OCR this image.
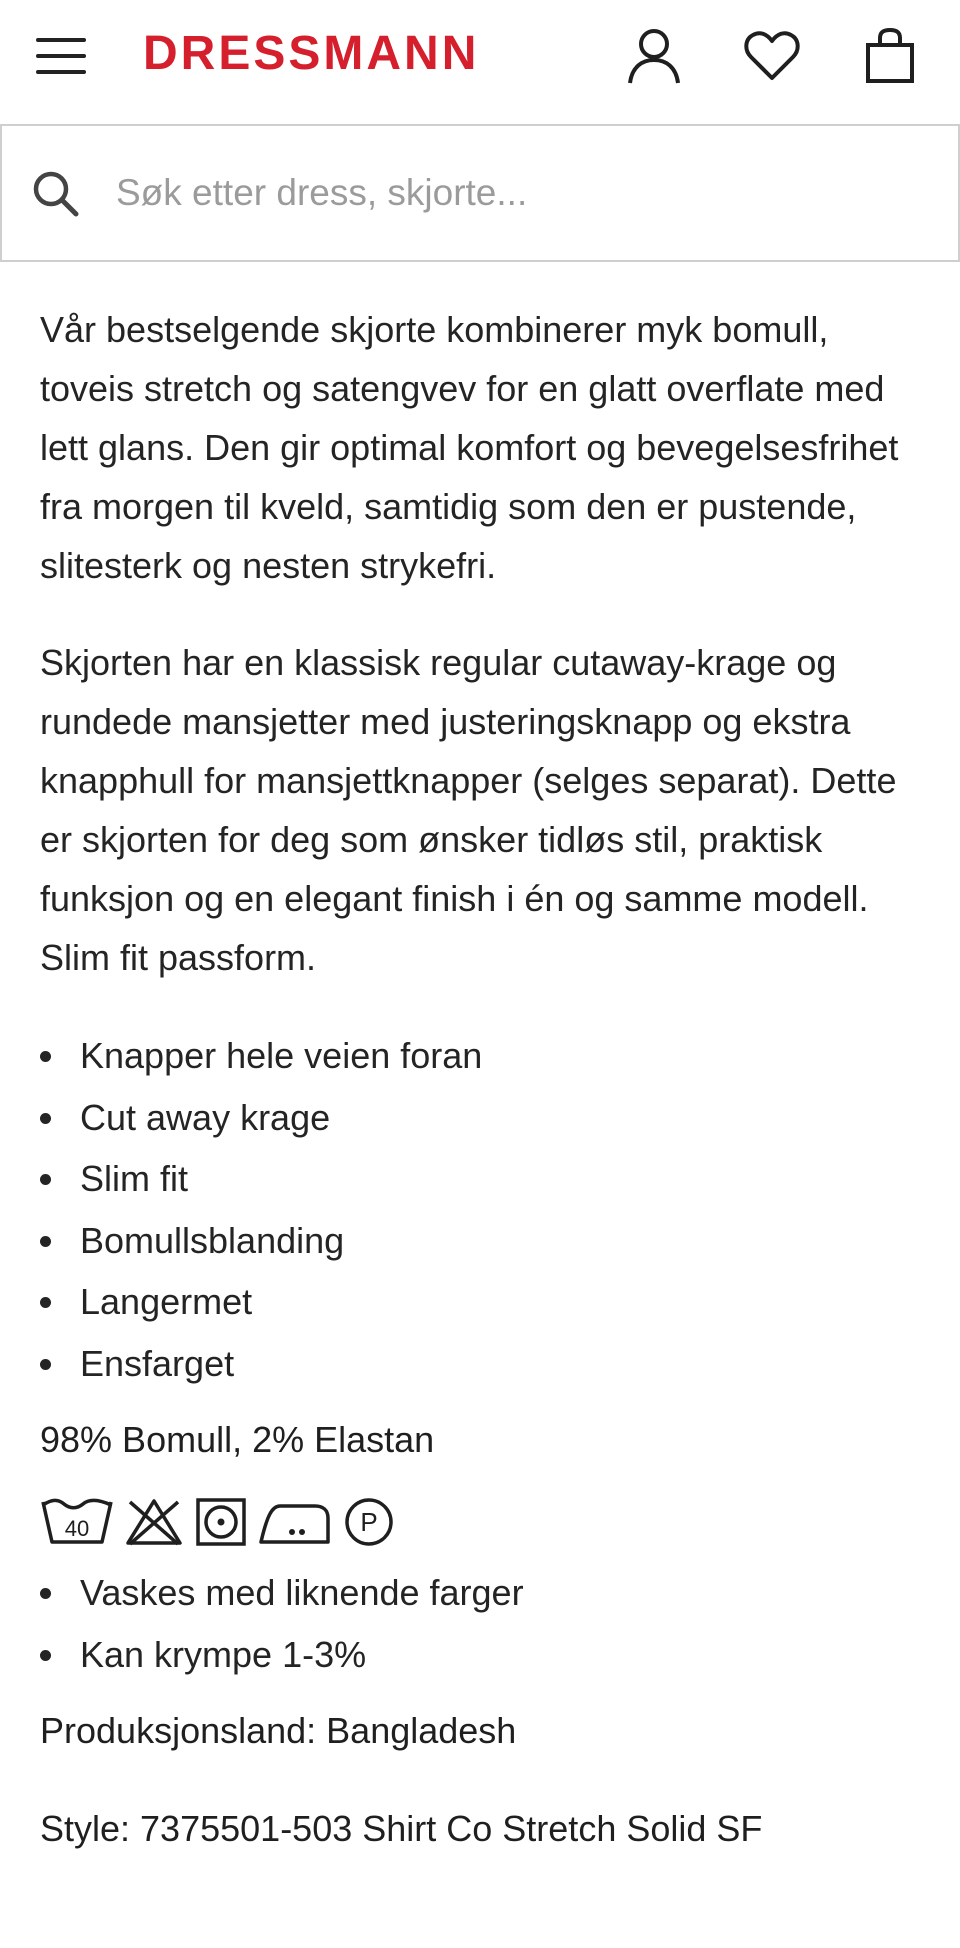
DRESSMANN
Søk etter dress, skjorte...

Vår bestselgende skjorte kombinerer myk bomull, toveis stretch og satengvev for en glatt overflate med lett glans. Den gir optimal komfort og bevegelsesfrihet fra morgen til kveld, samtidig som den er pustende, slitesterk og nesten strykefri.

Skjorten har en klassisk regular cutaway-krage og rundede mansjetter med justeringsknapp og ekstra knapphull for mansjettknapper (selges separat). Dette er skjorten for deg som ønsker tidløs stil, praktisk funksjon og en elegant finish i én og samme modell. Slim fit passform.

Knapper hele veien foran
Cut away krage
Slim fit
Bomullsblanding
Langermet
Ensfarget
98% Bomull, 2% Elastan
40	P
Vaskes med liknende farger
Kan krympe 1-3%
Produksjonsland: Bangladesh
Style: 7375501-503 Shirt Co Stretch Solid SF
